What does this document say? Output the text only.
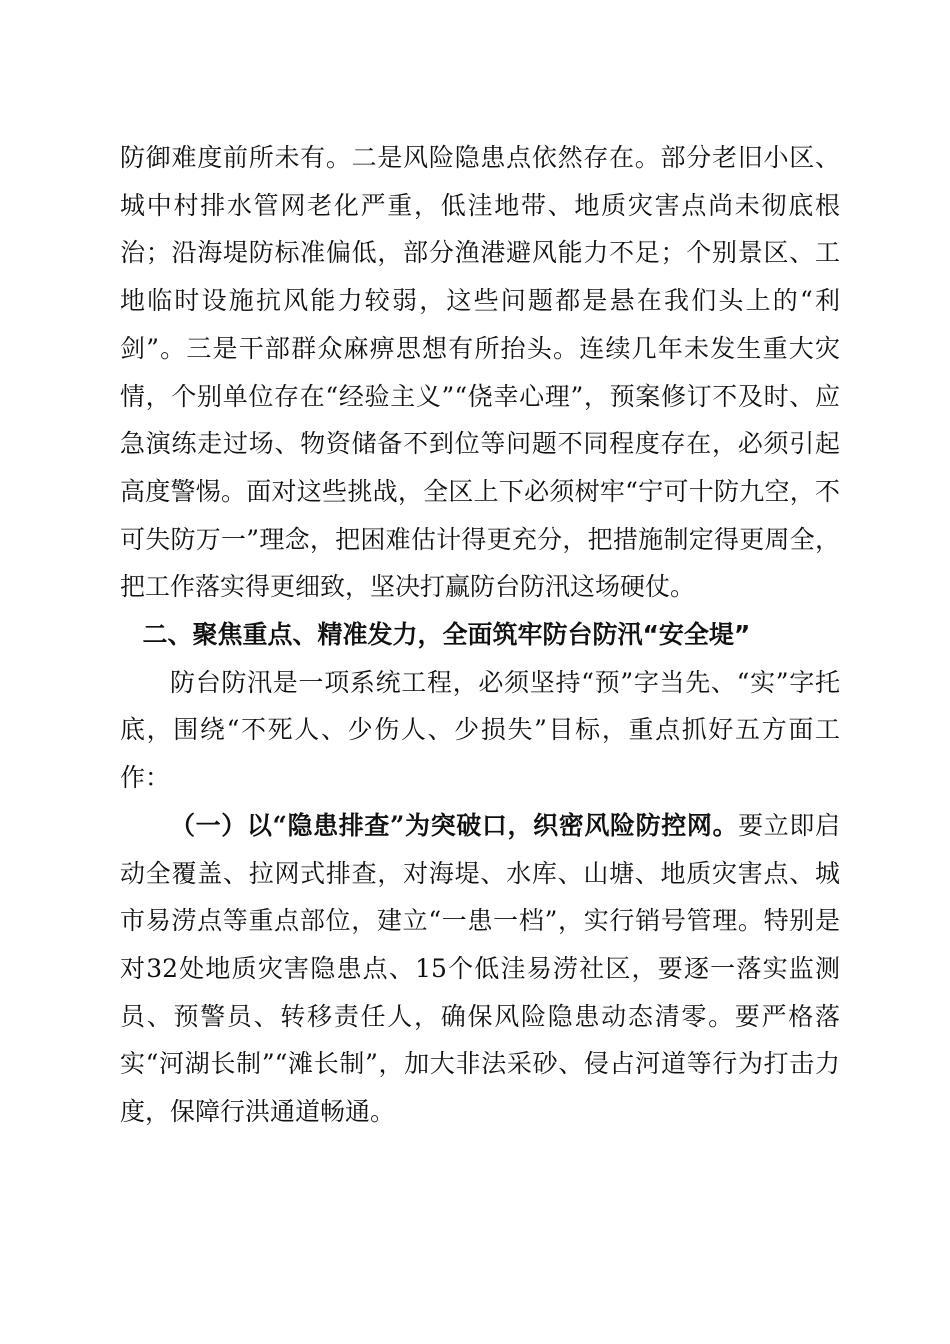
防御难度前所未有。二是风险隐患点依然存在。部分老旧小区、城中村排水管网老化严重，低洼地带、地质灾害点尚未彻底根治；沿海堤防标准偏低，部分渔港避风能力不足；个别景区、工地临时设施抗风能力较弱，这些问题都是悬在我们头上的“利剑”。三是干部群众麻痹思想有所抬头。连续几年未发生重大灾情，个别单位存在“经验主义”“侥幸心理”，预案修订不及时、应急演练走过场、物资储备不到位等问题不同程度存在，必须引起高度警惕。面对这些挑战，全区上下必须树牢“宁可十防九空，不可失防万一”理念，把困难估计得更充分，把措施制定得更周全，把工作落实得更细致，坚决打赢防台防汛这场硬仗。

二、聚焦重点、精准发力，全面筑牢防台防汛“安全堤”

防台防汛是一项系统工程，必须坚持“预”字当先、“实”字托底，围绕“不死人、少伤人、少损失”目标，重点抓好五方面工作：

（一）以“隐患排查”为突破口，织密风险防控网。要立即启动全覆盖、拉网式排查，对海堤、水库、山塘、地质灾害点、城市易涝点等重点部位，建立“一患一档”，实行销号管理。特别是对32处地质灾害隐患点、15个低洼易涝社区，要逐一落实监测员、预警员、转移责任人，确保风险隐患动态清零。要严格落实“河湖长制”“滩长制”，加大非法采砂、侵占河道等行为打击力度，保障行洪通道畅通。
